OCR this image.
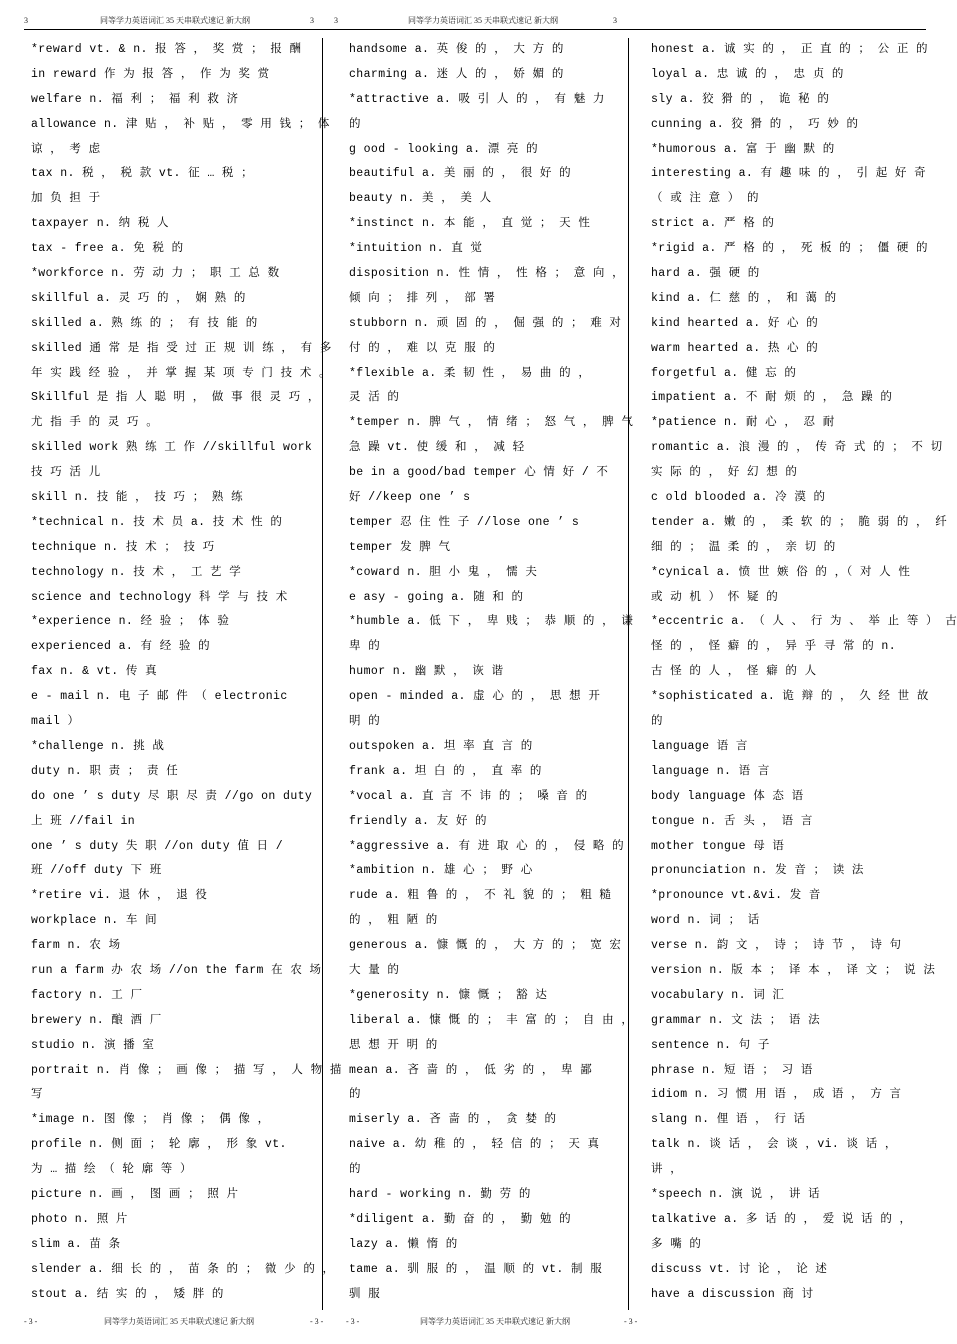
3	同等学力英语词汇 35 天串联式速记 新大纲	3	3	同等学力英语词汇 35 天串联式速记 新大纲	3
*reward vt. & n. 报 答 ， 奖 赏 ； 报 酬
in reward 作 为 报 答 ， 作 为 奖 赏
welfare n. 福 利 ； 福 利 救 济
allowance n. 津 贴 ， 补 贴 ， 零 用 钱 ； 体
谅 ， 考 虑
tax n. 税 ， 税 款 vt. 征 … 税 ；
加 负 担 于
taxpayer n. 纳 税 人
tax - free a. 免 税 的
*workforce n. 劳 动 力 ； 职 工 总 数
skillful a. 灵 巧 的 ， 娴 熟 的
skilled a. 熟 练 的 ； 有 技 能 的
skilled 通 常 是 指 受 过 正 规 训 练 ， 有 多
年 实 践 经 验 ， 并 掌 握 某 项 专 门 技 术 。
Skillful 是 指 人 聪 明 ， 做 事 很 灵 巧 ，
尤 指 手 的 灵 巧 。
skilled work 熟 练 工 作 //skillful work
技 巧 活 儿
skill n. 技 能 ， 技 巧 ； 熟 练
*technical n. 技 术 员 a. 技 术 性 的
technique n. 技 术 ； 技 巧
technology n. 技 术 ， 工 艺 学
science and technology 科 学 与 技 术
*experience n. 经 验 ； 体 验
experienced a. 有 经 验 的
fax n. & vt. 传 真
e - mail n. 电 子 邮 件 （ electronic
mail ）
*challenge n. 挑 战
duty n. 职 责 ； 责 任
do one ’ s duty 尽 职 尽 责 //go on duty
上 班 //fail in
one ’ s duty 失 职 //on duty 值 日 /
班 //off duty 下 班
*retire vi. 退 休 ， 退 役
workplace n. 车 间
farm n. 农 场
run a farm 办 农 场 //on the farm 在 农 场
factory n. 工 厂
brewery n. 酿 酒 厂
studio n. 演 播 室
portrait n. 肖 像 ； 画 像 ； 描 写 ， 人 物 描
写
*image n. 图 像 ； 肖 像 ； 偶 像 ，
profile n. 侧 面 ； 轮 廓 ， 形 象 vt.
为 … 描 绘 （ 轮 廓 等 ）
picture n. 画 ， 图 画 ； 照 片
photo n. 照 片
slim a. 苗 条
slender a. 细 长 的 ， 苗 条 的 ； 微 少 的 ，
stout a. 结 实 的 ， 矮 胖 的
handsome a. 英 俊 的 ， 大 方 的
charming a. 迷 人 的 ， 娇 媚 的
*attractive a. 吸 引 人 的 ， 有 魅 力
的
g ood - looking a. 漂 亮 的
beautiful a. 美 丽 的 ， 很 好 的
beauty n. 美 ， 美 人
*instinct n. 本 能 ， 直 觉 ； 天 性
*intuition n. 直 觉
disposition n. 性 情 ， 性 格 ； 意 向 ，
倾 向 ； 排 列 ， 部 署
stubborn n. 顽 固 的 ， 倔 强 的 ； 难 对
付 的 ， 难 以 克 服 的
*flexible a. 柔 韧 性 ， 易 曲 的 ，
灵 活 的
*temper n. 脾 气 ， 情 绪 ； 怒 气 ， 脾 气
急 躁 vt. 使 缓 和 ， 减 轻
be in a good/bad temper 心 情 好 / 不
好 //keep one ’ s
temper 忍 住 性 子 //lose one ’ s
temper 发 脾 气
*coward n. 胆 小 鬼 ， 懦 夫
e asy - going a. 随 和 的
*humble a. 低 下 ， 卑 贱 ； 恭 顺 的 ， 谦
卑 的
humor n. 幽 默 ， 诙 谐
open - minded a. 虚 心 的 ， 思 想 开
明 的
outspoken a. 坦 率 直 言 的
frank a. 坦 白 的 ， 直 率 的
*vocal a. 直 言 不 讳 的 ； 嗓 音 的
friendly a. 友 好 的
*aggressive a. 有 进 取 心 的 ， 侵 略 的
*ambition n. 雄 心 ； 野 心
rude a. 粗 鲁 的 ， 不 礼 貌 的 ； 粗 糙
的 ， 粗 陋 的
generous a. 慷 慨 的 ， 大 方 的 ； 宽 宏
大 量 的
*generosity n. 慷 慨 ； 豁 达
liberal a. 慷 慨 的 ； 丰 富 的 ； 自 由 ，
思 想 开 明 的
mean a. 吝 啬 的 ， 低 劣 的 ， 卑 鄙
的
miserly a. 吝 啬 的 ， 贪 婪 的
naive a. 幼 稚 的 ， 轻 信 的 ； 天 真
的
hard - working n. 勤 劳 的
*diligent a. 勤 奋 的 ， 勤 勉 的
lazy a. 懒 惰 的
tame a. 驯 服 的 ， 温 顺 的 vt. 制 服
驯 服
honest a. 诚 实 的 ， 正 直 的 ； 公 正 的
loyal a. 忠 诚 的 ， 忠 贞 的
sly a. 狡 猾 的 ， 诡 秘 的
cunning a. 狡 猾 的 ， 巧 妙 的
*humorous a. 富 于 幽 默 的
interesting a. 有 趣 味 的 ， 引 起 好 奇
（ 或 注 意 ） 的
strict a. 严 格 的
*rigid a. 严 格 的 ， 死 板 的 ； 僵 硬 的
hard a. 强 硬 的
kind a. 仁 慈 的 ， 和 蔼 的
kind hearted a. 好 心 的
warm hearted a. 热 心 的
forgetful a. 健 忘 的
impatient a. 不 耐 烦 的 ， 急 躁 的
*patience n. 耐 心 ， 忍 耐
romantic a. 浪 漫 的 ， 传 奇 式 的 ； 不 切
实 际 的 ， 好 幻 想 的
c old blooded a. 冷 漠 的
tender a. 嫩 的 ， 柔 软 的 ； 脆 弱 的 ， 纤
细 的 ； 温 柔 的 ， 亲 切 的
*cynical a. 愤 世 嫉 俗 的 ，（ 对 人 性
或 动 机 ） 怀 疑 的
*eccentric a. （ 人 、 行 为 、 举 止 等 ） 古
怪 的 ， 怪 癖 的 ， 异 乎 寻 常 的 n.
古 怪 的 人 ， 怪 癖 的 人
*sophisticated a. 诡 辩 的 ， 久 经 世 故
的
language 语 言
language n. 语 言
body language 体 态 语
tongue n. 舌 头 ， 语 言
mother tongue 母 语
pronunciation n. 发 音 ； 读 法
*pronounce vt.&vi. 发 音
word n. 词 ； 话
verse n. 韵 文 ， 诗 ； 诗 节 ， 诗 句
version n. 版 本 ； 译 本 ， 译 文 ； 说 法
vocabulary n. 词 汇
grammar n. 文 法 ； 语 法
sentence n. 句 子
phrase n. 短 语 ； 习 语
idiom n. 习 惯 用 语 ， 成 语 ， 方 言
slang n. 俚 语 ， 行 话
talk n. 谈 话 ， 会 谈 ，vi. 谈 话 ，
讲 ，
*speech n. 演 说 ， 讲 话
talkative a. 多 话 的 ， 爱 说 话 的 ，
多 嘴 的
discuss vt. 讨 论 ， 论 述
have a discussion 商 讨
- 3 -	同等学力英语词汇 35 天串联式速记 新大纲	- 3 -	- 3 -	同等学力英语词汇 35 天串联式速记 新大纲	- 3 -
